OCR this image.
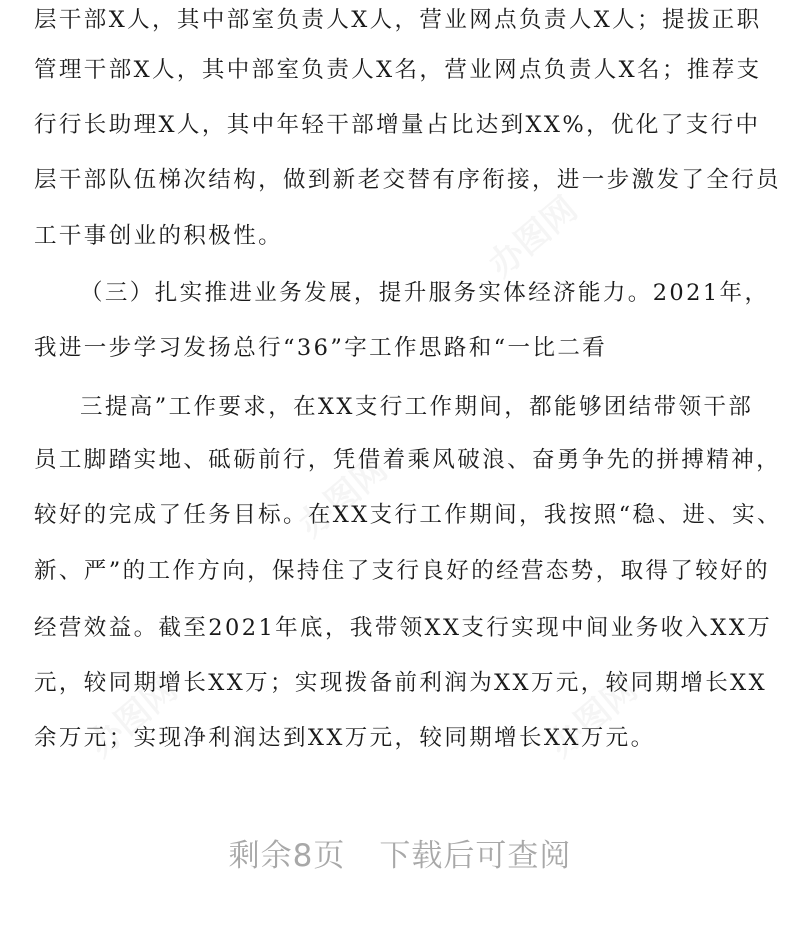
办图网
办图网
办图网	办图网
层干部X人，其中部室负责人X人，营业网点负责人X人；提拔正职
管理干部X人，其中部室负责人X名，营业网点负责人X名；推荐支
行行长助理X人，其中年轻干部增量占比达到XX%，优化了支行中
层干部队伍梯次结构，做到新老交替有序衔接，进一步激发了全行员
工干事创业的积极性。
（三）扎实推进业务发展，提升服务实体经济能力。2021年，
我进一步学习发扬总行“36”字工作思路和“一比二看
三提高”工作要求，在XX支行工作期间，都能够团结带领干部
员工脚踏实地、砥砺前行，凭借着乘风破浪、奋勇争先的拼搏精神，
较好的完成了任务目标。在XX支行工作期间，我按照“稳、进、实、
新、严”的工作方向，保持住了支行良好的经营态势，取得了较好的
经营效益。截至2021年底，我带领XX支行实现中间业务收入XX万
元，较同期增长XX万；实现拨备前利润为XX万元，较同期增长XX
余万元；实现净利润达到XX万元，较同期增长XX万元。
剩余8页 下载后可查阅
